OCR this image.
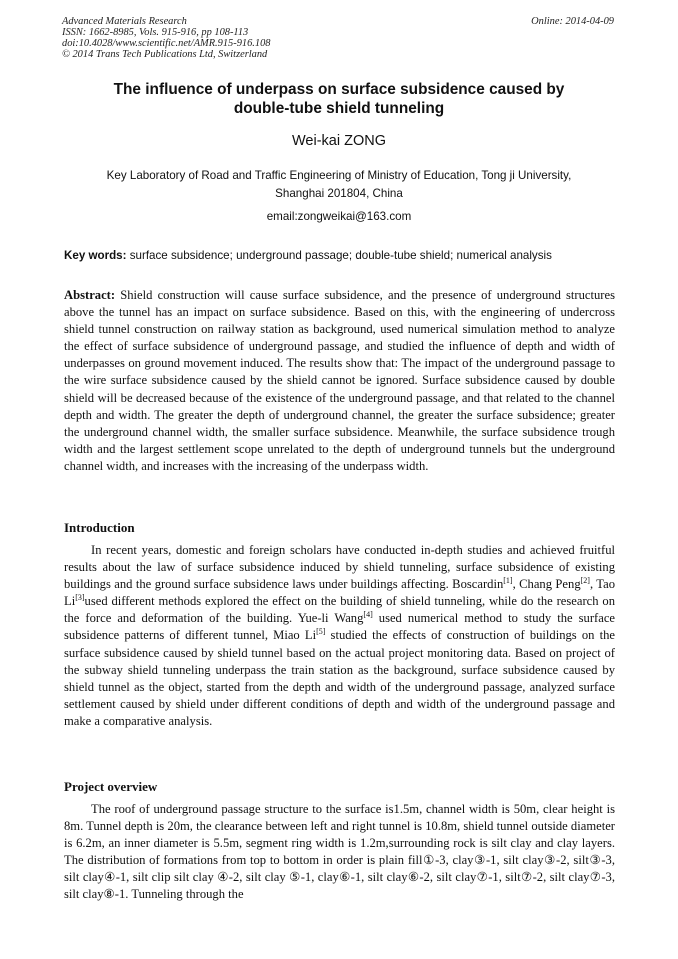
Advanced Materials Research
ISSN: 1662-8985, Vols. 915-916, pp 108-113
doi:10.4028/www.scientific.net/AMR.915-916.108
© 2014 Trans Tech Publications Ltd, Switzerland
Online: 2014-04-09
The influence of underpass on surface subsidence caused by
double-tube shield tunneling
Wei-kai ZONG
Key Laboratory of Road and Traffic Engineering of Ministry of Education, Tong ji University,
Shanghai 201804, China
email:zongweikai@163.com
Key words: surface subsidence; underground passage; double-tube shield; numerical analysis
Abstract: Shield construction will cause surface subsidence, and the presence of underground structures above the tunnel has an impact on surface subsidence. Based on this, with the engineering of undercross shield tunnel construction on railway station as background, used numerical simulation method to analyze the effect of surface subsidence of underground passage, and studied the influence of depth and width of underpasses on ground movement induced. The results show that: The impact of the underground passage to the wire surface subsidence caused by the shield cannot be ignored. Surface subsidence caused by double shield will be decreased because of the existence of the underground passage, and that related to the channel depth and width. The greater the depth of underground channel, the greater the surface subsidence; greater the underground channel width, the smaller surface subsidence. Meanwhile, the surface subsidence trough width and the largest settlement scope unrelated to the depth of underground tunnels but the underground channel width, and increases with the increasing of the underpass width.
Introduction
In recent years, domestic and foreign scholars have conducted in-depth studies and achieved fruitful results about the law of surface subsidence induced by shield tunneling, surface subsidence of existing buildings and the ground surface subsidence laws under buildings affecting. Boscardin[1], Chang Peng[2], Tao Li[3]used different methods explored the effect on the building of shield tunneling, while do the research on the force and deformation of the building. Yue-li Wang[4] used numerical method to study the surface subsidence patterns of different tunnel, Miao Li[5] studied the effects of construction of buildings on the surface subsidence caused by shield tunnel based on the actual project monitoring data. Based on project of the subway shield tunneling underpass the train station as the background, surface subsidence caused by shield tunnel as the object, started from the depth and width of the underground passage, analyzed surface settlement caused by shield under different conditions of depth and width of the underground passage and make a comparative analysis.
Project overview
The roof of underground passage structure to the surface is1.5m, channel width is 50m, clear height is 8m. Tunnel depth is 20m, the clearance between left and right tunnel is 10.8m, shield tunnel outside diameter is 6.2m, an inner diameter is 5.5m, segment ring width is 1.2m,surrounding rock is silt clay and clay layers. The distribution of formations from top to bottom in order is plain fill①-3, clay③-1, silt clay③-2, silt③-3, silt clay④-1, silt clip silt clay ④-2, silt clay ⑤-1, clay⑥-1, silt clay⑥-2, silt clay⑦-1, silt⑦-2, silt clay⑦-3, silt clay⑧-1. Tunneling through the
